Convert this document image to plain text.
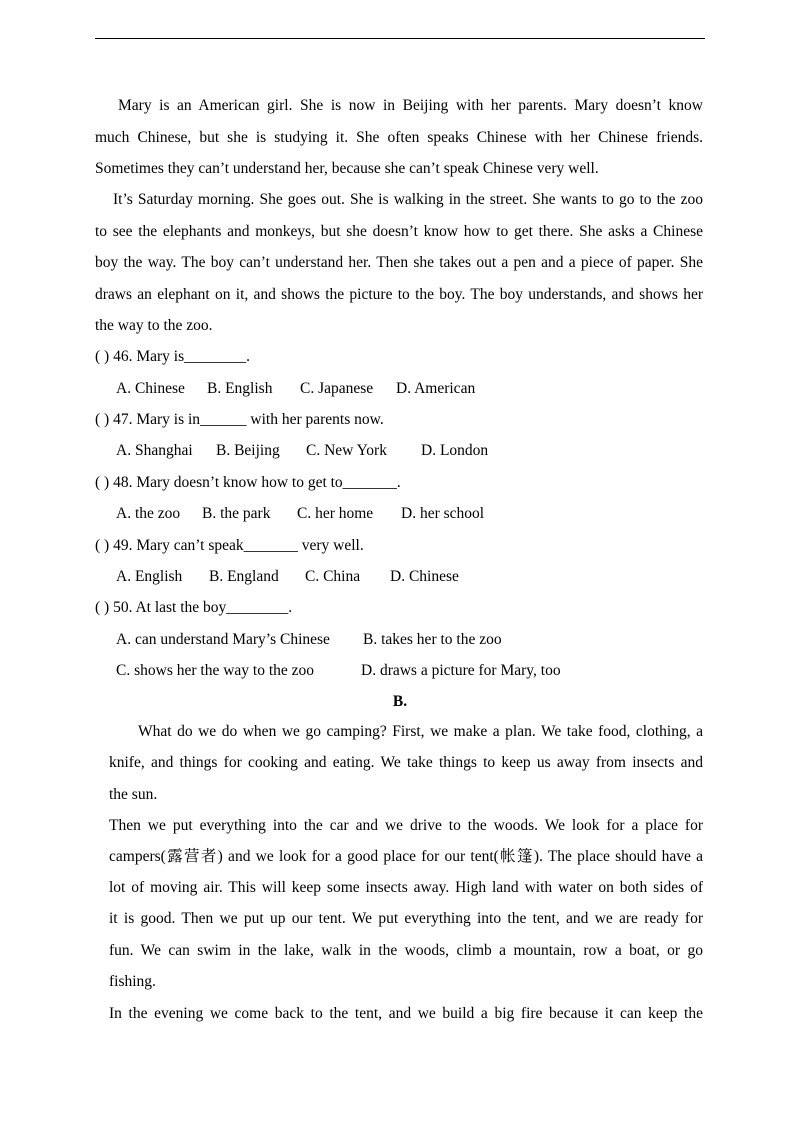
Mary is an American girl. She is now in Beijing with her parents. Mary doesn’t know
much Chinese, but she is studying it. She often speaks Chinese with her Chinese friends.
Sometimes they can’t understand her, because she can’t speak Chinese very well.
It’s Saturday morning. She goes out. She is walking in the street. She wants to go to the zoo
to see the elephants and monkeys, but she doesn’t know how to get there. She asks a Chinese
boy the way. The boy can’t understand her. Then she takes out a pen and a piece of paper. She
draws an elephant on it, and shows the picture to the boy. The boy understands, and shows her
the way to the zoo.
( ) 46. Mary is________.
A. Chinese B. English C. Japanese D. American
( ) 47. Mary is in______ with her parents now.
A. Shanghai B. Beijing C. New York D. London
( ) 48. Mary doesn’t know how to get to_______.
A. the zoo B. the park C. her home D. her school
( ) 49. Mary can’t speak_______ very well.
A. English B. England C. China D. Chinese
( ) 50. At last the boy________.
A. can understand Mary’s Chinese B. takes her to the zoo
C. shows her the way to the zoo	D. draws a picture for Mary, too
B.
What do we do when we go camping? First, we make a plan. We take food, clothing, a
knife, and things for cooking and eating. We take things to keep us away from insects and
the sun.
Then we put everything into the car and we drive to the woods. We look for a place for
campers(露营者) and we look for a good place for our tent(帐篷). The place should have a
lot of moving air. This will keep some insects away. High land with water on both sides of
it is good. Then we put up our tent. We put everything into the tent, and we are ready for
fun. We can swim in the lake, walk in the woods, climb a mountain, row a boat, or go
fishing.
In the evening we come back to the tent, and we build a big fire because it can keep the
